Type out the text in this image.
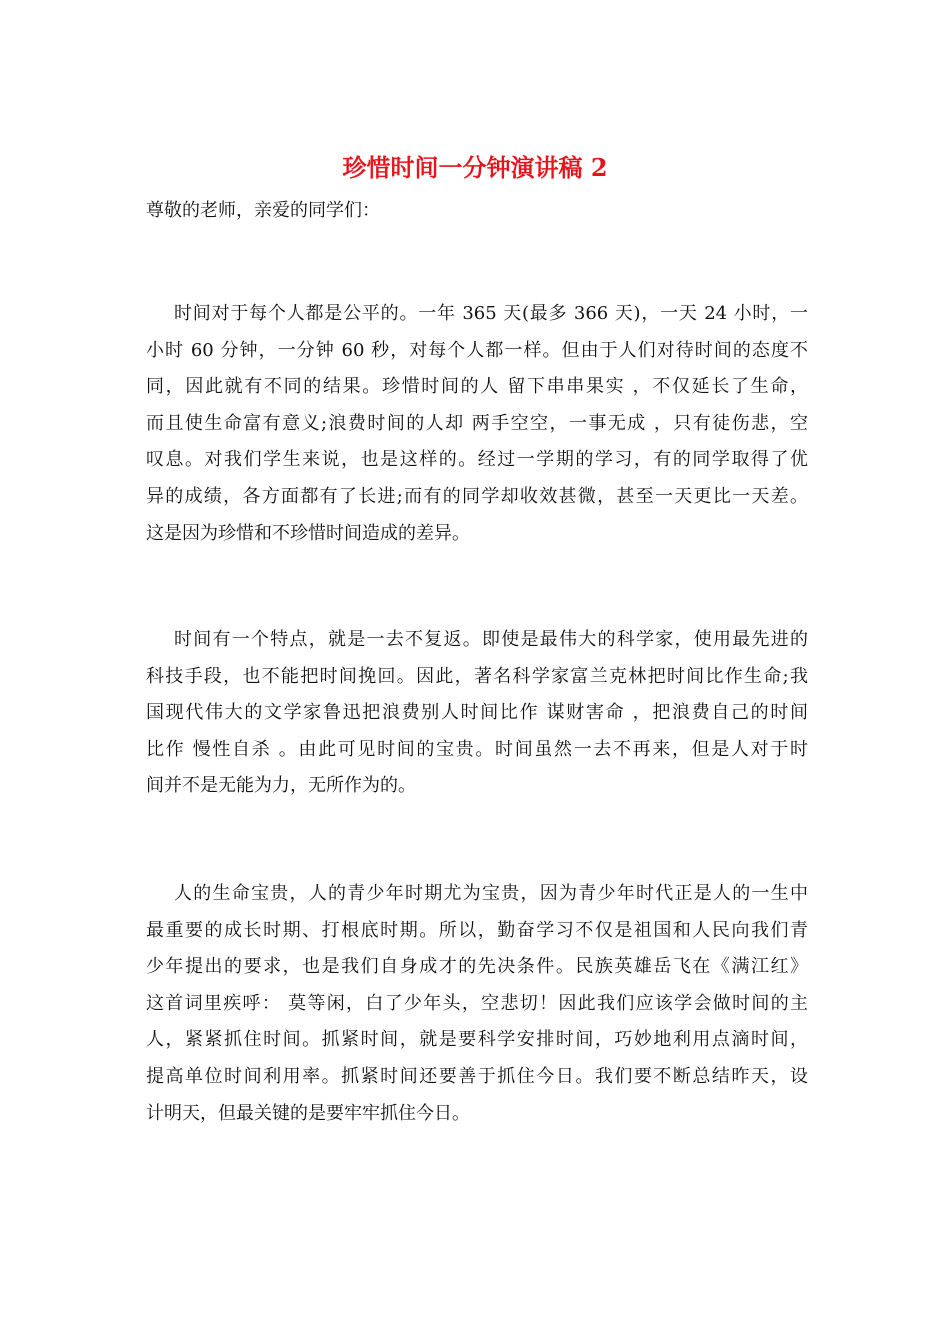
珍惜时间一分钟演讲稿 2
尊敬的老师，亲爱的同学们：
时间对于每个人都是公平的。一年 365 天(最多 366 天)，一天 24 小时，一
小时 60 分钟，一分钟 60 秒，对每个人都一样。但由于人们对待时间的态度不
同，因此就有不同的结果。珍惜时间的人 留下串串果实 ，不仅延长了生命，
而且使生命富有意义;浪费时间的人却 两手空空，一事无成 ，只有徒伤悲，空
叹息。对我们学生来说，也是这样的。经过一学期的学习，有的同学取得了优
异的成绩，各方面都有了长进;而有的同学却收效甚微，甚至一天更比一天差。
这是因为珍惜和不珍惜时间造成的差异。
时间有一个特点，就是一去不复返。即使是最伟大的科学家，使用最先进的
科技手段，也不能把时间挽回。因此，著名科学家富兰克林把时间比作生命;我
国现代伟大的文学家鲁迅把浪费别人时间比作 谋财害命 ，把浪费自己的时间
比作 慢性自杀 。由此可见时间的宝贵。时间虽然一去不再来，但是人对于时
间并不是无能为力，无所作为的。
人的生命宝贵，人的青少年时期尤为宝贵，因为青少年时代正是人的一生中
最重要的成长时期、打根底时期。所以，勤奋学习不仅是祖国和人民向我们青
少年提出的要求，也是我们自身成才的先决条件。民族英雄岳飞在《满江红》
这首词里疾呼： 莫等闲，白了少年头，空悲切！因此我们应该学会做时间的主
人，紧紧抓住时间。抓紧时间，就是要科学安排时间，巧妙地利用点滴时间，
提高单位时间利用率。抓紧时间还要善于抓住今日。我们要不断总结昨天，设
计明天，但最关键的是要牢牢抓住今日。
